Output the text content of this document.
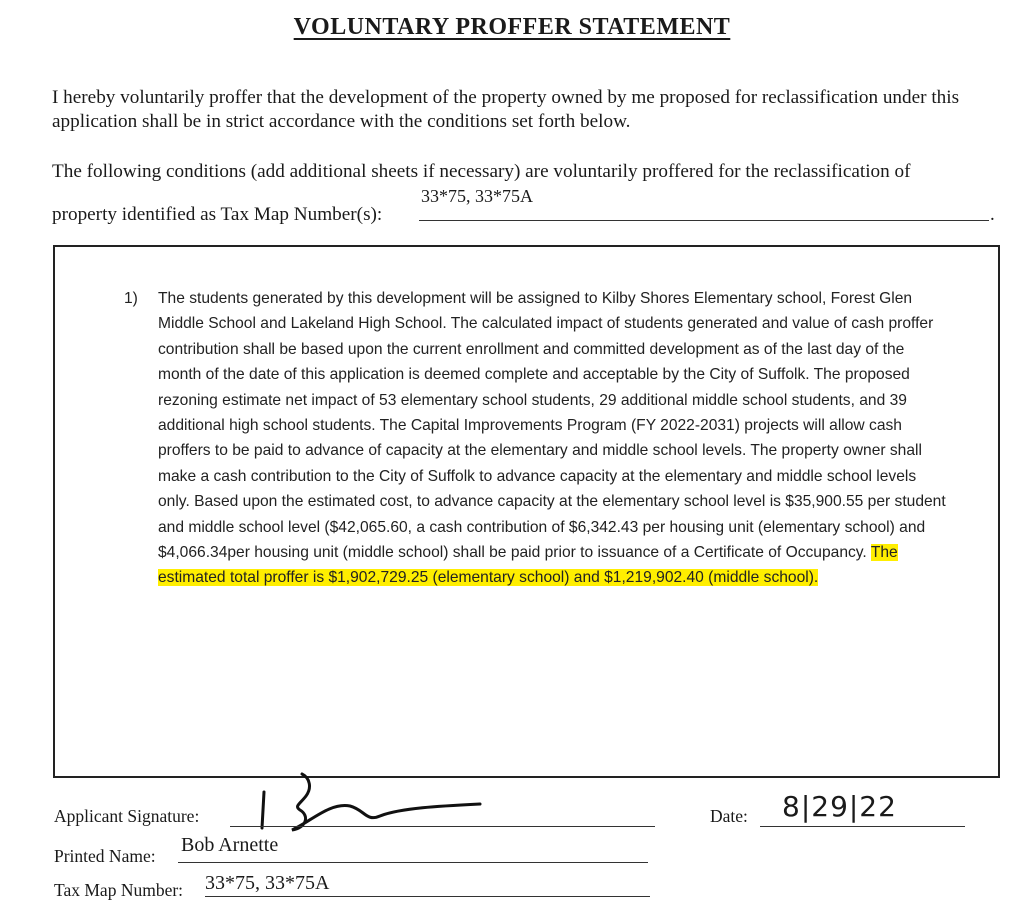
VOLUNTARY PROFFER STATEMENT
I hereby voluntarily proffer that the development of the property owned by me proposed for reclassification under this application shall be in strict accordance with the conditions set forth below.
The following conditions (add additional sheets if necessary) are voluntarily proffered for the reclassification of
property identified as Tax Map Number(s):
33*75, 33*75A
.
1) The students generated by this development will be assigned to Kilby Shores Elementary school, Forest Glen Middle School and Lakeland High School. The calculated impact of students generated and value of cash proffer contribution shall be based upon the current enrollment and committed development as of the last day of the month of the date of this application is deemed complete and acceptable by the City of Suffolk. The proposed rezoning estimate net impact of 53 elementary school students, 29 additional middle school students, and 39 additional high school students. The Capital Improvements Program (FY 2022-2031) projects will allow cash proffers to be paid to advance of capacity at the elementary and middle school levels. The property owner shall make a cash contribution to the City of Suffolk to advance capacity at the elementary and middle school levels only. Based upon the estimated cost, to advance capacity at the elementary school level is $35,900.55 per student and middle school level ($42,065.60, a cash contribution of $6,342.43 per housing unit (elementary school) and $4,066.34per housing unit (middle school) shall be paid prior to issuance of a Certificate of Occupancy. The estimated total proffer is $1,902,729.25 (elementary school) and $1,219,902.40 (middle school).
Applicant Signature:	Date: 8|29|22
Printed Name: Bob Arnette
Tax Map Number: 33*75, 33*75A
